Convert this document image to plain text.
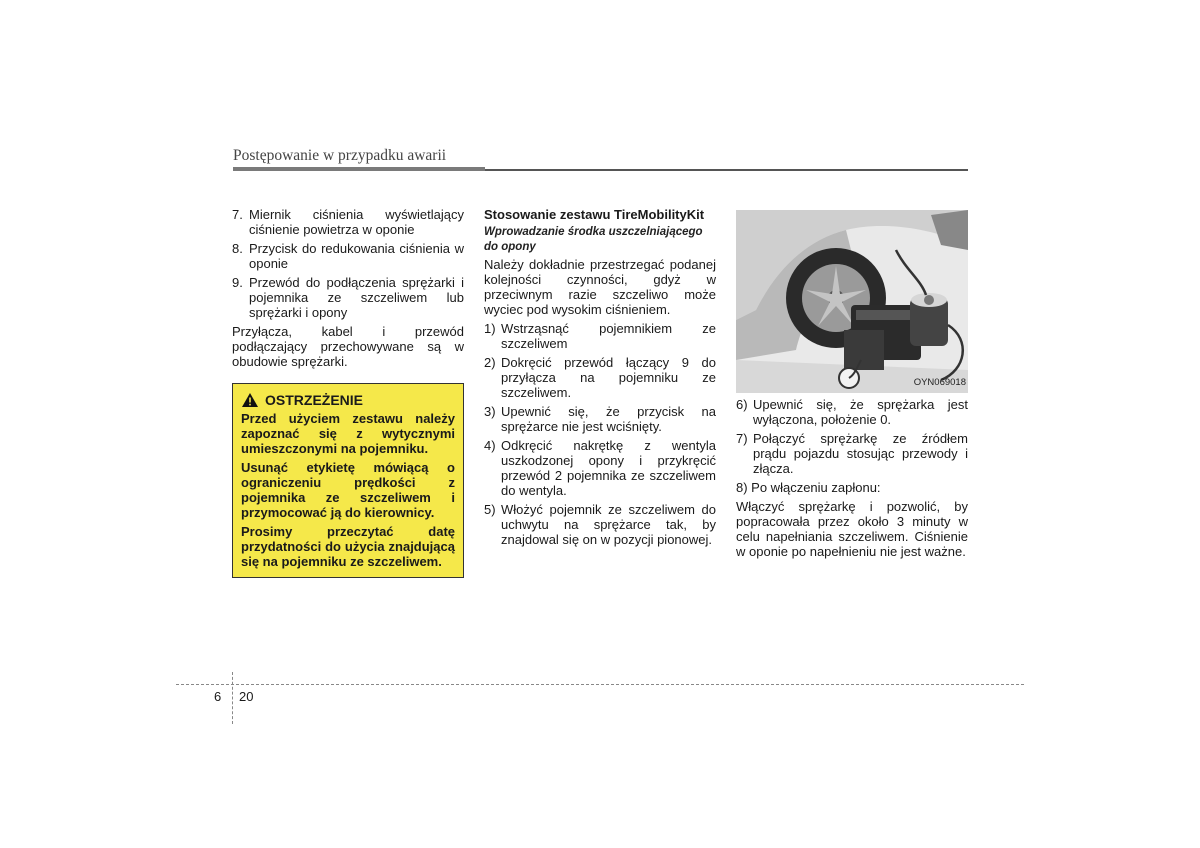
Postępowanie w przypadku awarii
7. Miernik ciśnienia wyświetlający ciśnienie powietrza w oponie
8. Przycisk do redukowania ciśnienia w oponie
9. Przewód do podłączenia sprężarki i pojemnika ze szczeliwem lub sprężarki i opony

Przyłącza, kabel i przewód podłączający przechowywane są w obudowie sprężarki.

OSTRZEŻENIE

Przed użyciem zestawu należy zapoznać się z wytycznymi umieszczonymi na pojemniku.

Usunąć etykietę mówiącą o ograniczeniu prędkości z pojemnika ze szczeliwem i przymocować ją do kierownicy.

Prosimy przeczytać datę przydatności do użycia znajdującą się na pojemniku ze szczeliwem.

Stosowanie zestawu TireMobilityKit
Wprowadzanie środka uszczelniającego do opony

Należy dokładnie przestrzegać podanej kolejności czynności, gdyż w przeciwnym razie szczeliwo może wyciec pod wysokim ciśnieniem.

1) Wstrząsnąć pojemnikiem ze szczeliwem
2) Dokręcić przewód łączący 9 do przyłącza na pojemniku ze szczeliwem.
3) Upewnić się, że przycisk na sprężarce nie jest wciśnięty.
4) Odkręcić nakrętkę z wentyla uszkodzonej opony i przykręcić przewód 2 pojemnika ze szczeliwem do wentyla.
5) Włożyć pojemnik ze szczeliwem do uchwytu na sprężarce tak, by znajdowal się on w pozycji pionowej.
OYN069018
6) Upewnić się, że sprężarka jest wyłączona, położenie 0.
7) Połączyć sprężarkę ze źródłem prądu pojazdu stosując przewody i złącza.

8) Po włączeniu zapłonu:

Włączyć sprężarkę i pozwolić, by popracowała przez około 3 minuty w celu napełniania szczeliwem. Ciśnienie w oponie po napełnieniu nie jest ważne.

6 20
